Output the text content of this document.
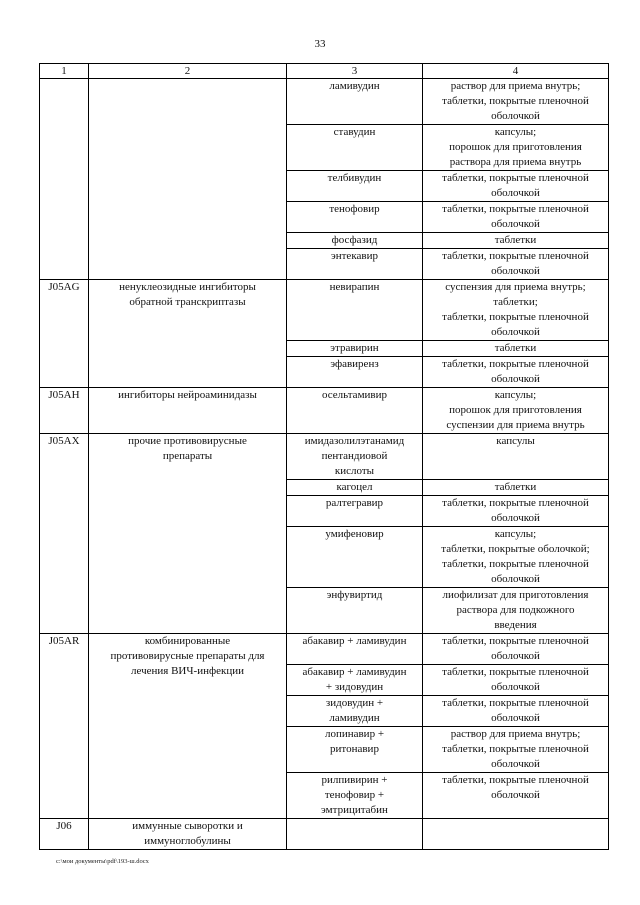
33
1	2	3	4
		ламивудин	раствор для приема внутрь;
таблетки, покрытые пленочной
оболочкой
		ставудин	капсулы;
порошок для приготовления
раствора для приема внутрь
		телбивудин	таблетки, покрытые пленочной
оболочкой
		тенофовир	таблетки, покрытые пленочной
оболочкой
		фосфазид	таблетки
		энтекавир	таблетки, покрытые пленочной
оболочкой
J05AG	ненуклеозидные ингибиторы
обратной транскриптазы	невирапин	суспензия для приема внутрь;
таблетки;
таблетки, покрытые пленочной
оболочкой
		этравирин	таблетки
		эфавиренз	таблетки, покрытые пленочной
оболочкой
J05AH	ингибиторы нейроаминидазы	осельтамивир	капсулы;
порошок для приготовления
суспензии для приема внутрь
J05AX	прочие противовирусные
препараты	имидазолилэтанамид
пентандиовой
кислоты	капсулы
		кагоцел	таблетки
		ралтегравир	таблетки, покрытые пленочной
оболочкой
		умифеновир	капсулы;
таблетки, покрытые оболочкой;
таблетки, покрытые пленочной
оболочкой
		энфувиртид	лиофилизат для приготовления
раствора для подкожного
введения
J05AR	комбинированные
противовирусные препараты для
лечения ВИЧ-инфекции	абакавир + ламивудин	таблетки, покрытые пленочной
оболочкой
		абакавир + ламивудин
+ зидовудин	таблетки, покрытые пленочной
оболочкой
		зидовудин +
ламивудин	таблетки, покрытые пленочной
оболочкой
		лопинавир +
ритонавир	раствор для приема внутрь;
таблетки, покрытые пленочной
оболочкой
		рилпивирин +
тенофовир +
эмтрицитабин	таблетки, покрытые пленочной
оболочкой
J06	иммунные сыворотки и
иммуноглобулины		
c:\мои документы\pdf\193-ш.docx
